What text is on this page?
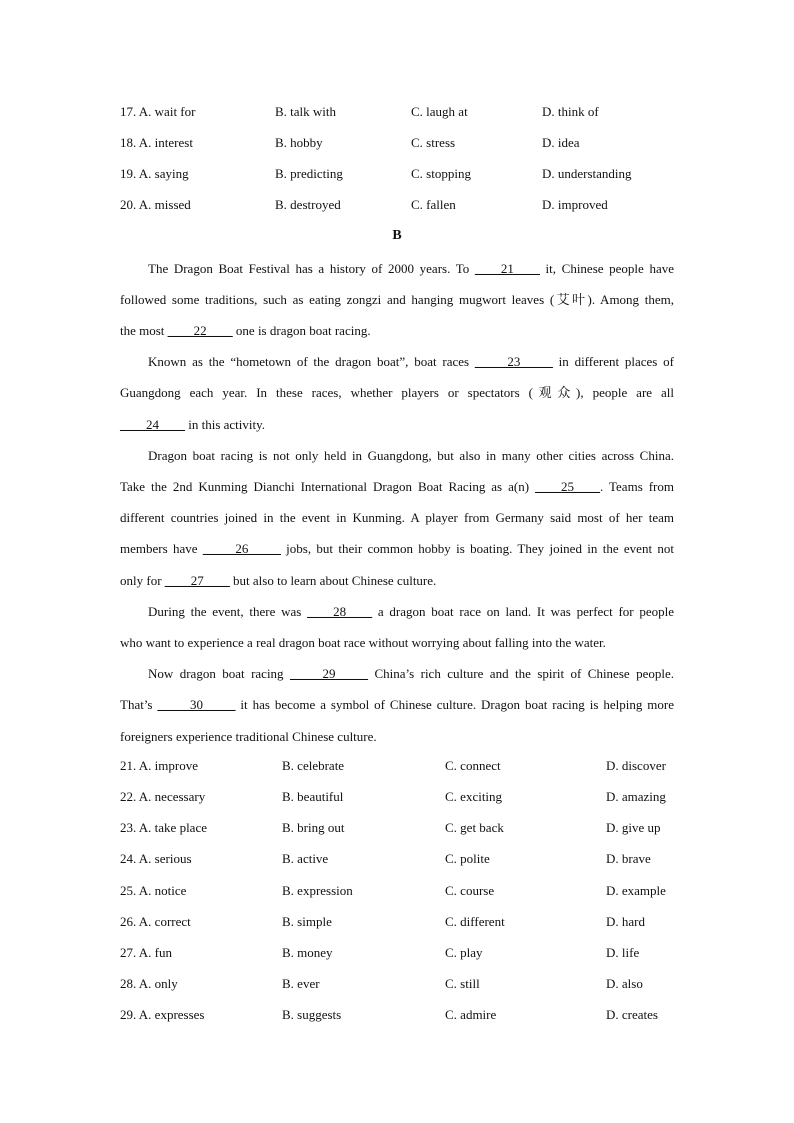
17. A. wait for	B. talk with	C. laugh at	D. think of
18. A. interest	B. hobby	C. stress	D. idea
19. A. saying	B. predicting	C. stopping	D. understanding
20. A. missed	B. destroyed	C. fallen	D. improved
B
The Dragon Boat Festival has a history of 2000 years. To ____21____ it, Chinese people have
followed some traditions, such as eating zongzi and hanging mugwort leaves (艾叶). Among them,
the most ____22____ one is dragon boat racing.
Known as the “hometown of the dragon boat”, boat races _____23_____ in different places of
Guangdong each year. In these races, whether players or spectators (观众), people are all
____24____ in this activity.
Dragon boat racing is not only held in Guangdong, but also in many other cities across China.
Take the 2nd Kunming Dianchi International Dragon Boat Racing as a(n) ____25____. Teams from
different countries joined in the event in Kunming. A player from Germany said most of her team
members have _____26_____ jobs, but their common hobby is boating. They joined in the event not
only for ____27____ but also to learn about Chinese culture.
During the event, there was ____28____ a dragon boat race on land. It was perfect for people
who want to experience a real dragon boat race without worrying about falling into the water.
Now dragon boat racing _____29_____ China’s rich culture and the spirit of Chinese people.
That’s _____30_____ it has become a symbol of Chinese culture. Dragon boat racing is helping more
foreigners experience traditional Chinese culture.
21. A. improve	B. celebrate	C. connect	D. discover
22. A. necessary	B. beautiful	C. exciting	D. amazing
23. A. take place	B. bring out	C. get back	D. give up
24. A. serious	B. active	C. polite	D. brave
25. A. notice	B. expression	C. course	D. example
26. A. correct	B. simple	C. different	D. hard
27. A. fun	B. money	C. play	D. life
28. A. only	B. ever	C. still	D. also
29. A. expresses	B. suggests	C. admire	D. creates
